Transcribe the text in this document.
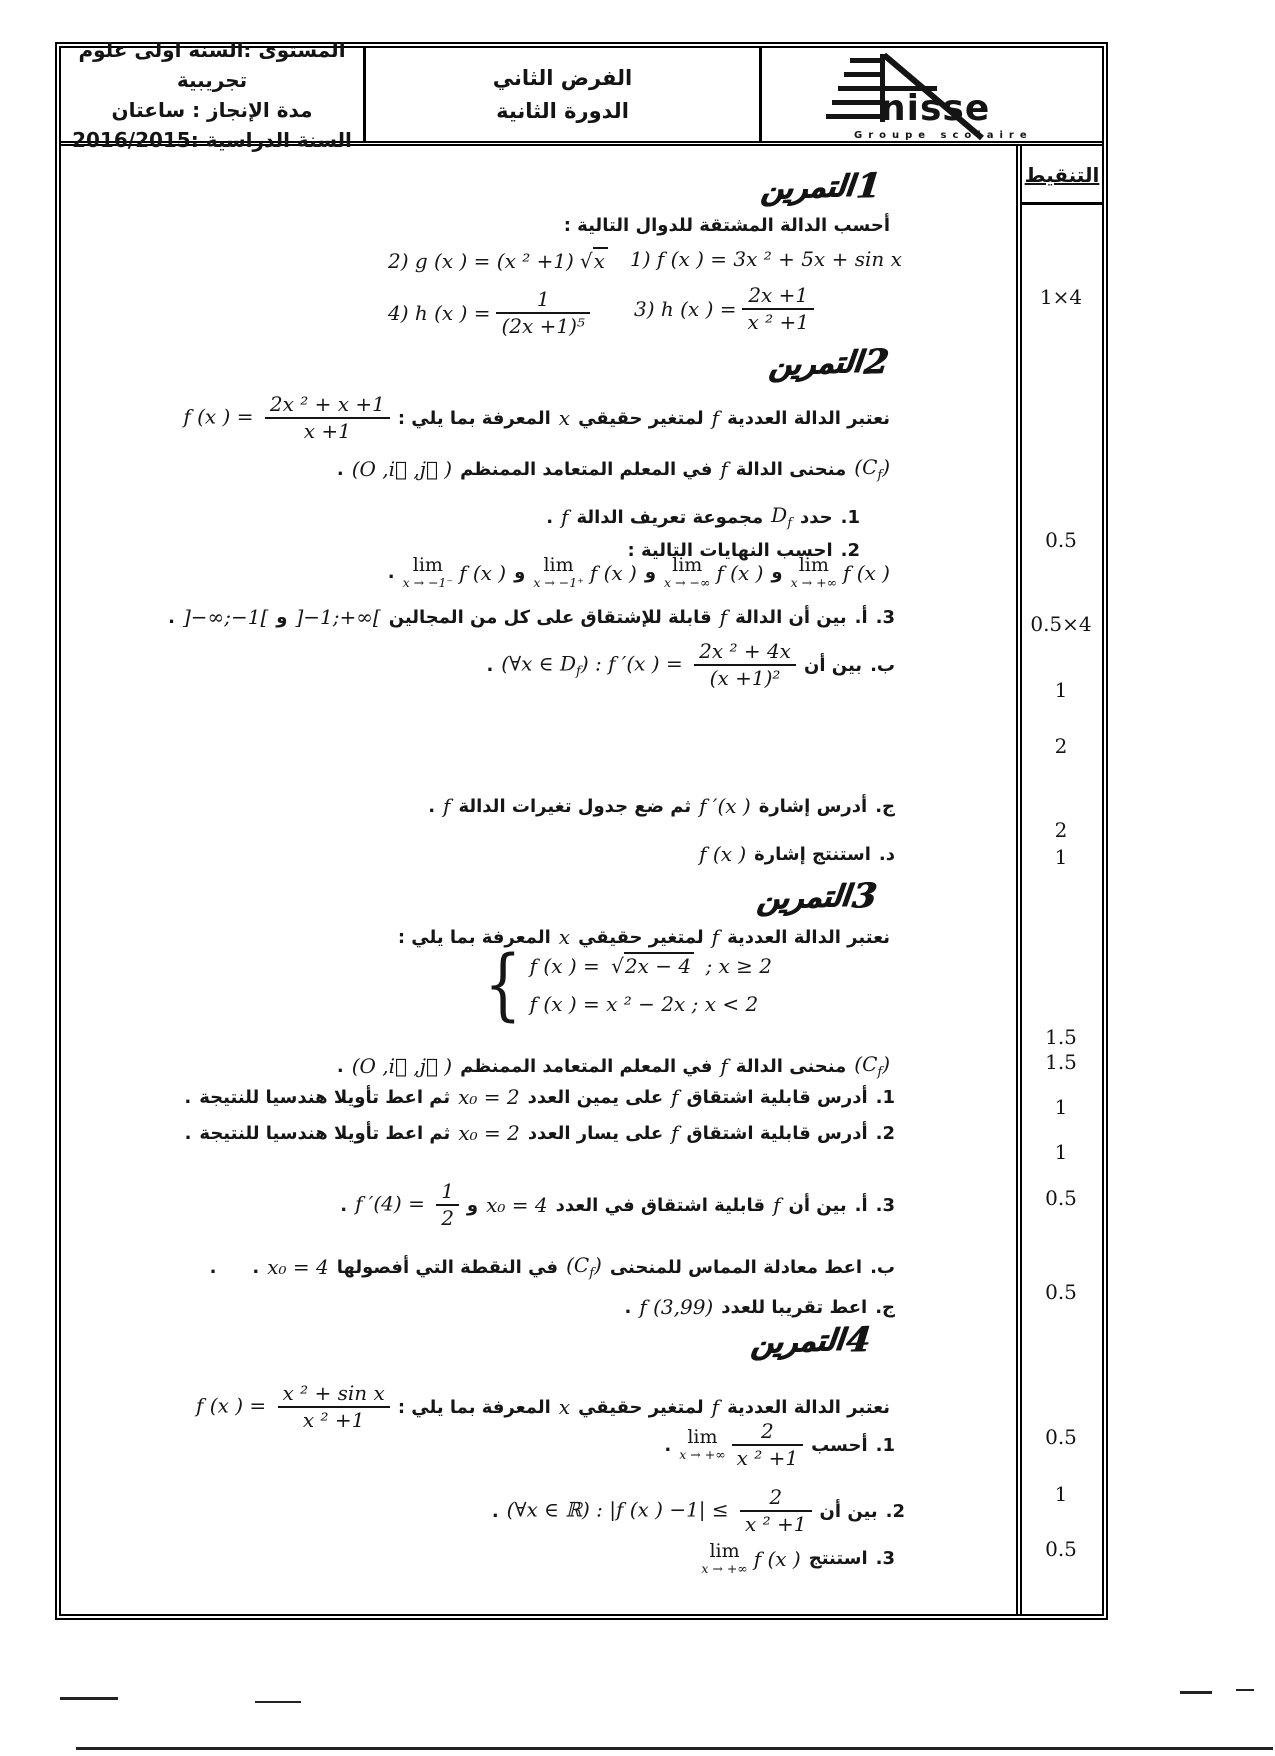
المستوى :السنة اولى علوم تجريبية
مدة الإنجاز : ساعتان
السنة الدراسية :2016/2015
الفرض الثاني
الدورة الثانية	nisse
Groupe scolaire
التنقيط
1×4
0.5
0.5×4
1
2
2
1
1.5
1.5
1
1
0.5
0.5
0.5
1
0.5
التمرين 1
أحسب الدالة المشتقة للدوال التالية :
1) f (x ) = 3x ² + 5x + sin x
2) g (x ) = (x ² +1) √x
3) h (x ) = $\frac{2x +1}{\text{x ² +1}}$
4) h (x ) = $\frac{1}{\text{(2x +1)⁵}}$
التمرين 2
نعتبر الدالة العددية
f
لمتغير حقيقي
x
المعرفة بما يلي :
f (x ) = $\frac{\text{2x ² + x +1}}{x +1}$
$(C_f)$
منحنى الدالة
f
في المعلم المتعامد الممنظم
(O ,i⃗ ,j⃗ )
.
1.
حدد
$D_f$
مجموعة تعريف الدالة
f
.
2.
احسب النهايات التالية :
lim
x → +∞ f (x )
و
lim
x → −∞ f (x )
و
lim
x → −1⁺ f (x )
و
lim
x → −1⁻ f (x )
.
3.
أ.
بين أن الدالة
f
قابلة للإشتقاق على كل من المجالين
]−1;+∞[
و
]−∞;−1[
.
ب.
بين أن
(∀x ∈ $D_f$) : f ′(x ) = $\frac{\text{2x ² + 4x}}{\text{(x +1)²}}$
.
ج.
أدرس إشارة
f ′(x )
ثم ضع جدول تغيرات الدالة
f
.
د.
استنتج إشارة
f (x )
التمرين 3
نعتبر الدالة العددية
f
لمتغير حقيقي
x
المعرفة بما يلي :
{ f (x ) = √2x − 4 ; x ≥ 2
f (x ) = x ² − 2x ; x < 2
$(C_f)$
منحنى الدالة
f
في المعلم المتعامد الممنظم
(O ,i⃗ ,j⃗ )
.
1.
أدرس قابلية اشتقاق
f
على يمين العدد
x₀ = 2
ثم اعط تأويلا هندسيا للنتيجة
.
2.
أدرس قابلية اشتقاق
f
على يسار العدد
x₀ = 2
ثم اعط تأويلا هندسيا للنتيجة
.
3.
أ.
بين أن
f
قابلية اشتقاق في العدد
x₀ = 4
و
f $'(4) = \frac{1}{2}$
.
ب.
اعط معادلة المماس للمنحنى
$(C_f)$
في النقطة التي أفصولها
x₀ = 4
.
.
ج.
اعط تقريبا للعدد
f (3,99)
.
التمرين 4
نعتبر الدالة العددية
f
لمتغير حقيقي
x
المعرفة بما يلي :
f (x ) = $\frac{\text{x ² + sin x}}{\text{x ² +1}}$
1.
أحسب
lim
x → +∞ $\frac{2}{\text{x ² +1}}$
.
2.
بين أن
(∀x ∈ ℝ) : |f (x ) $-1| \le \frac{2}{\text{x ² +1}}$
.
3.
استنتج
lim
x → +∞ f (x )
